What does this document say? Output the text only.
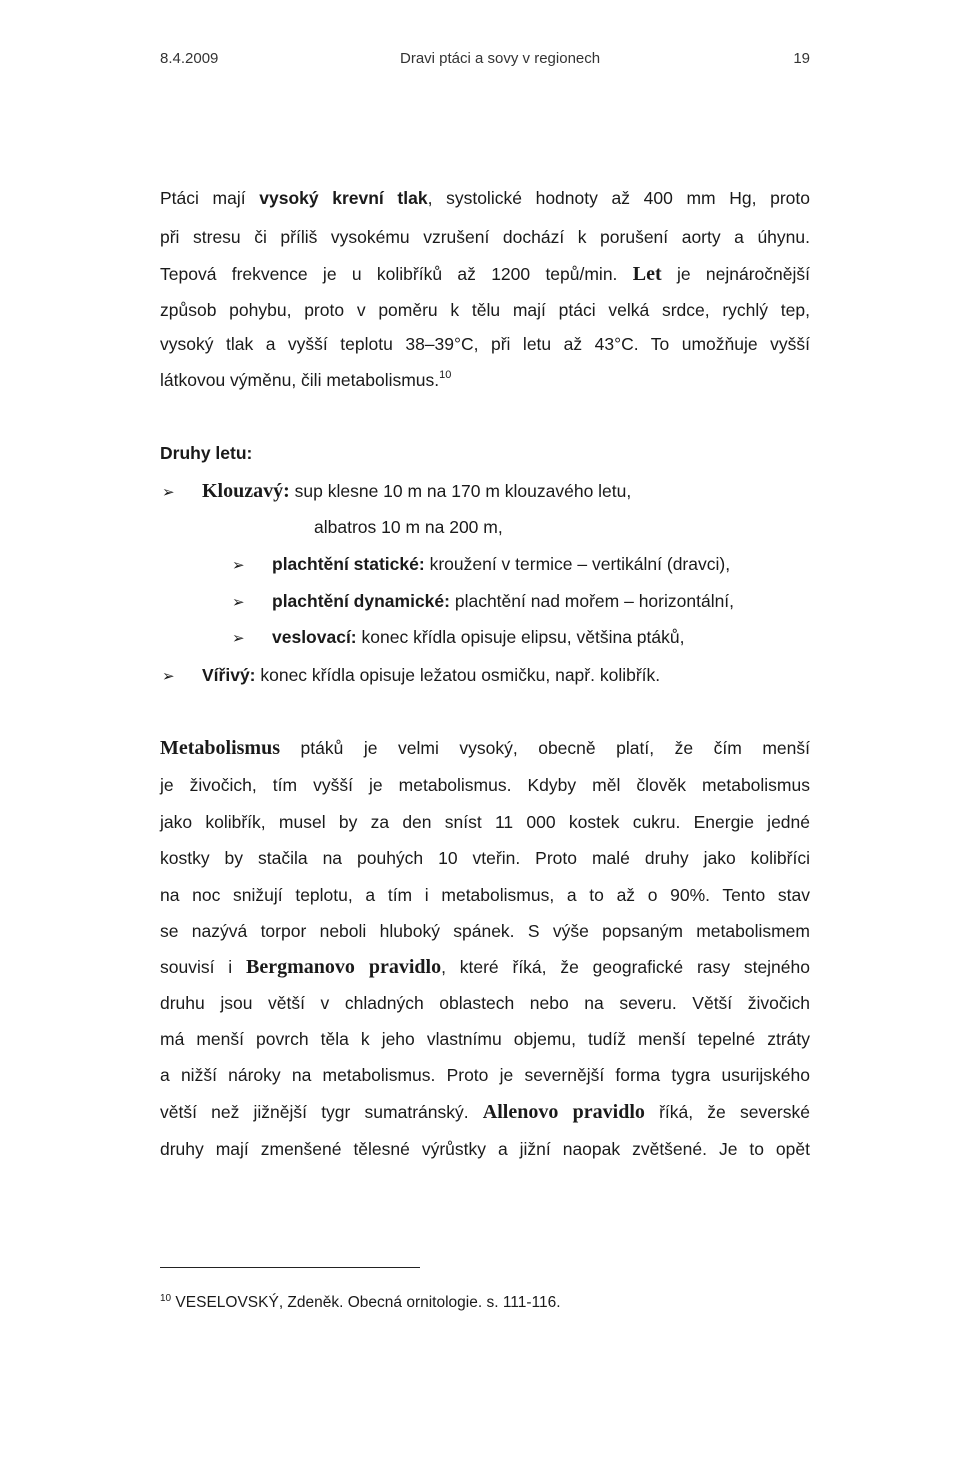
8.4.2009	Dravi ptáci a sovy v regionech	19
Ptáci mají vysoký krevní tlak, systolické hodnoty až 400 mm Hg, proto
při stresu či příliš vysokému vzrušení dochází k porušení aorty a úhynu.
Tepová frekvence je u kolibříků až 1200 tepů/min. Let je nejnáročnější
způsob pohybu, proto v poměru k tělu mají ptáci velká srdce, rychlý tep,
vysoký tlak a vyšší teplotu 38–39°C, při letu až 43°C. To umožňuje vyšší
látkovou výměnu, čili metabolismus.$^{10}$
Druhy letu:
➢ Klouzavý: sup klesne 10 m na 170 m klouzavého letu,
albatros 10 m na 200 m,
➢ plachtění statické: kroužení v termice – vertikální (dravci),
➢ plachtění dynamické: plachtění nad mořem – horizontální,
➢ veslovací: konec křídla opisuje elipsu, většina ptáků,
➢ Vířivý: konec křídla opisuje ležatou osmičku, např. kolibřík.
Metabolismus ptáků je velmi vysoký, obecně platí, že čím menší
je živočich, tím vyšší je metabolismus. Kdyby měl člověk metabolismus
jako kolibřík, musel by za den sníst 11 000 kostek cukru. Energie jedné
kostky by stačila na pouhých 10 vteřin. Proto malé druhy jako kolibříci
na noc snižují teplotu, a tím i metabolismus, a to až o 90%. Tento stav
se nazývá torpor neboli hluboký spánek. S výše popsaným metabolismem
souvisí i Bergmanovo pravidlo, které říká, že geografické rasy stejného
druhu jsou větší v chladných oblastech nebo na severu. Větší živočich
má menší povrch těla k jeho vlastnímu objemu, tudíž menší tepelné ztráty
a nižší nároky na metabolismus. Proto je severnější forma tygra usurijského
větší než jižnější tygr sumatránský. Allenovo pravidlo říká, že severské
druhy mají zmenšené tělesné výrůstky a jižní naopak zvětšené. Je to opět
$^{10}$ VESELOVSKÝ, Zdeněk. Obecná ornitologie. s. 111-116.
